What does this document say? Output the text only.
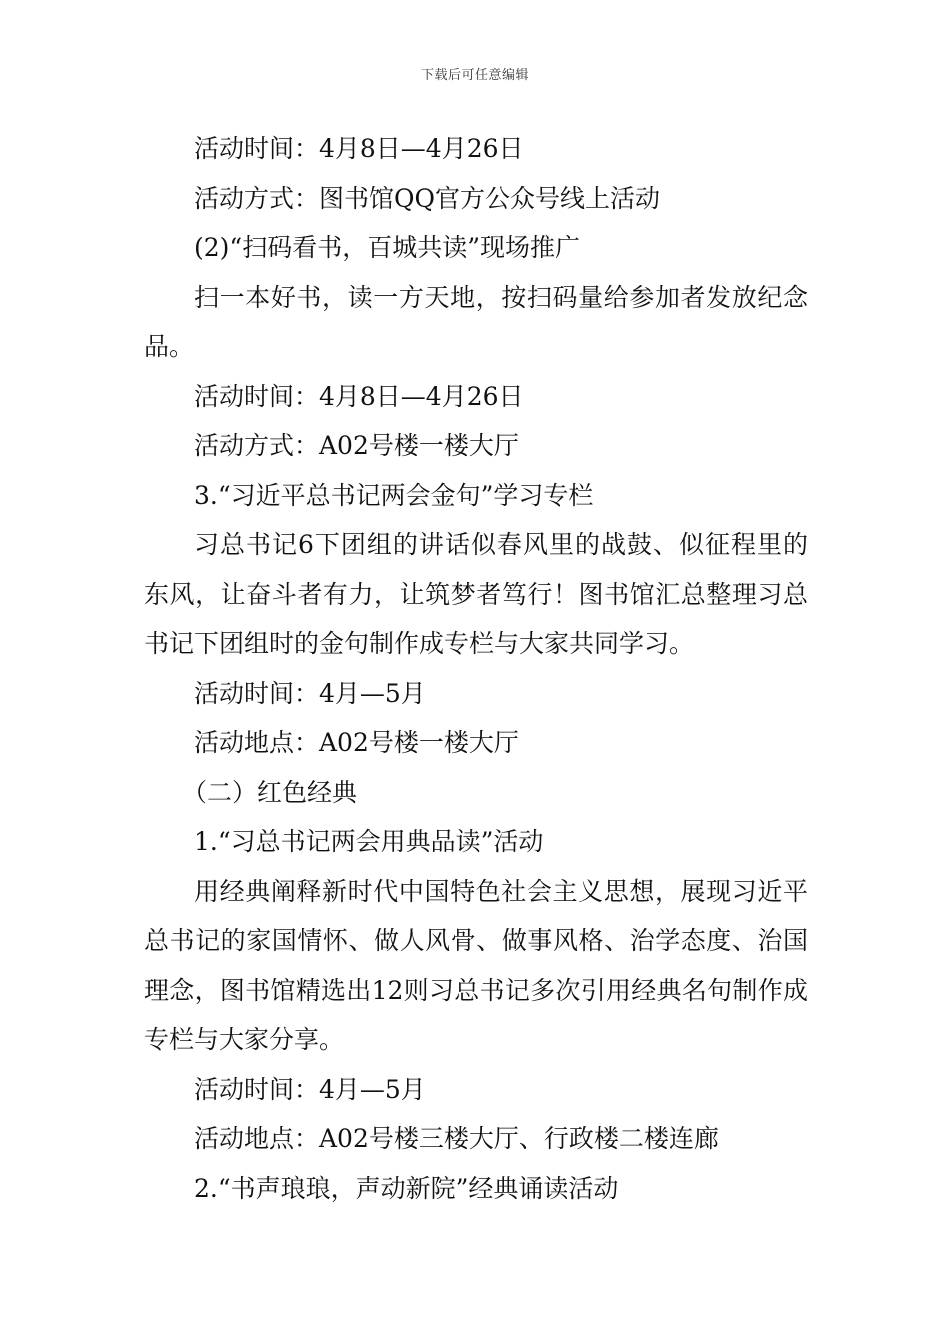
下载后可任意编辑

活动时间：4月8日—4月26日

活动方式：图书馆QQ官方公众号线上活动

(2)“扫码看书，百城共读”现场推广

扫一本好书，读一方天地，按扫码量给参加者发放纪念品。

活动时间：4月8日—4月26日

活动方式：A02号楼一楼大厅

3.“习近平总书记两会金句”学习专栏

习总书记6下团组的讲话似春风里的战鼓、似征程里的东风，让奋斗者有力，让筑梦者笃行！图书馆汇总整理习总书记下团组时的金句制作成专栏与大家共同学习。

活动时间：4月—5月

活动地点：A02号楼一楼大厅

（二）红色经典

1.“习总书记两会用典品读”活动

用经典阐释新时代中国特色社会主义思想，展现习近平总书记的家国情怀、做人风骨、做事风格、治学态度、治国理念，图书馆精选出12则习总书记多次引用经典名句制作成专栏与大家分享。

活动时间：4月—5月

活动地点：A02号楼三楼大厅、行政楼二楼连廊

2.“书声琅琅，声动新院”经典诵读活动
